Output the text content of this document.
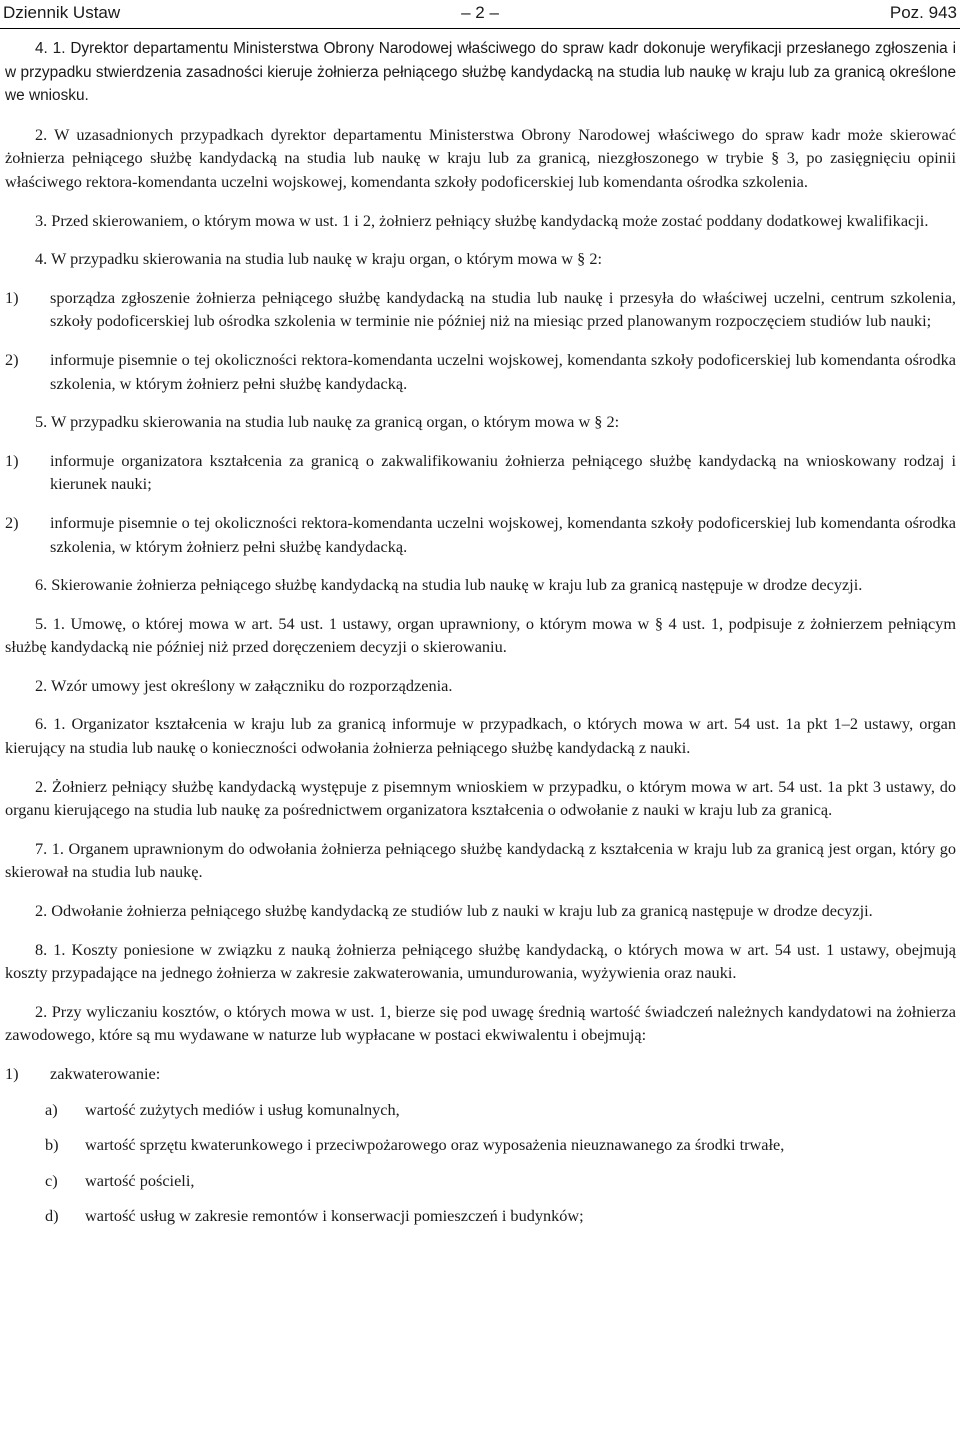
Dziennik Ustaw	– 2 –	Poz. 943

4. 1. Dyrektor departamentu Ministerstwa Obrony Narodowej właściwego do spraw kadr dokonuje weryfikacji przesłanego zgłoszenia i w przypadku stwierdzenia zasadności kieruje żołnierza pełniącego służbę kandydacką na studia lub naukę w kraju lub za granicą określone we wniosku.

2. W uzasadnionych przypadkach dyrektor departamentu Ministerstwa Obrony Narodowej właściwego do spraw kadr może skierować żołnierza pełniącego służbę kandydacką na studia lub naukę w kraju lub za granicą, niezgłoszonego w trybie § 3, po zasięgnięciu opinii właściwego rektora-komendanta uczelni wojskowej, komendanta szkoły podoficerskiej lub komendanta ośrodka szkolenia.

3. Przed skierowaniem, o którym mowa w ust. 1 i 2, żołnierz pełniący służbę kandydacką może zostać poddany dodatkowej kwalifikacji.

4. W przypadku skierowania na studia lub naukę w kraju organ, o którym mowa w § 2:

1) sporządza zgłoszenie żołnierza pełniącego służbę kandydacką na studia lub naukę i przesyła do właściwej uczelni, centrum szkolenia, szkoły podoficerskiej lub ośrodka szkolenia w terminie nie później niż na miesiąc przed planowanym rozpoczęciem studiów lub nauki;
2) informuje pisemnie o tej okoliczności rektora-komendanta uczelni wojskowej, komendanta szkoły podoficerskiej lub komendanta ośrodka szkolenia, w którym żołnierz pełni służbę kandydacką.

5. W przypadku skierowania na studia lub naukę za granicą organ, o którym mowa w § 2:

1) informuje organizatora kształcenia za granicą o zakwalifikowaniu żołnierza pełniącego służbę kandydacką na wnioskowany rodzaj i kierunek nauki;
2) informuje pisemnie o tej okoliczności rektora-komendanta uczelni wojskowej, komendanta szkoły podoficerskiej lub komendanta ośrodka szkolenia, w którym żołnierz pełni służbę kandydacką.

6. Skierowanie żołnierza pełniącego służbę kandydacką na studia lub naukę w kraju lub za granicą następuje w drodze decyzji.

5. 1. Umowę, o której mowa w art. 54 ust. 1 ustawy, organ uprawniony, o którym mowa w § 4 ust. 1, podpisuje z żołnierzem pełniącym służbę kandydacką nie później niż przed doręczeniem decyzji o skierowaniu.

2. Wzór umowy jest określony w załączniku do rozporządzenia.

6. 1. Organizator kształcenia w kraju lub za granicą informuje w przypadkach, o których mowa w art. 54 ust. 1a pkt 1–2 ustawy, organ kierujący na studia lub naukę o konieczności odwołania żołnierza pełniącego służbę kandydacką z nauki.

2. Żołnierz pełniący służbę kandydacką występuje z pisemnym wnioskiem w przypadku, o którym mowa w art. 54 ust. 1a pkt 3 ustawy, do organu kierującego na studia lub naukę za pośrednictwem organizatora kształcenia o odwołanie z nauki w kraju lub za granicą.

7. 1. Organem uprawnionym do odwołania żołnierza pełniącego służbę kandydacką z kształcenia w kraju lub za granicą jest organ, który go skierował na studia lub naukę.

2. Odwołanie żołnierza pełniącego służbę kandydacką ze studiów lub z nauki w kraju lub za granicą następuje w drodze decyzji.

8. 1. Koszty poniesione w związku z nauką żołnierza pełniącego służbę kandydacką, o których mowa w art. 54 ust. 1 ustawy, obejmują koszty przypadające na jednego żołnierza w zakresie zakwaterowania, umundurowania, wyżywienia oraz nauki.

2. Przy wyliczaniu kosztów, o których mowa w ust. 1, bierze się pod uwagę średnią wartość świadczeń należnych kandydatowi na żołnierza zawodowego, które są mu wydawane w naturze lub wypłacane w postaci ekwiwalentu i obejmują:

1) zakwaterowanie:
a) wartość zużytych mediów i usług komunalnych,
b) wartość sprzętu kwaterunkowego i przeciwpożarowego oraz wyposażenia nieuznawanego za środki trwałe,
c) wartość pościeli,
d) wartość usług w zakresie remontów i konserwacji pomieszczeń i budynków;
